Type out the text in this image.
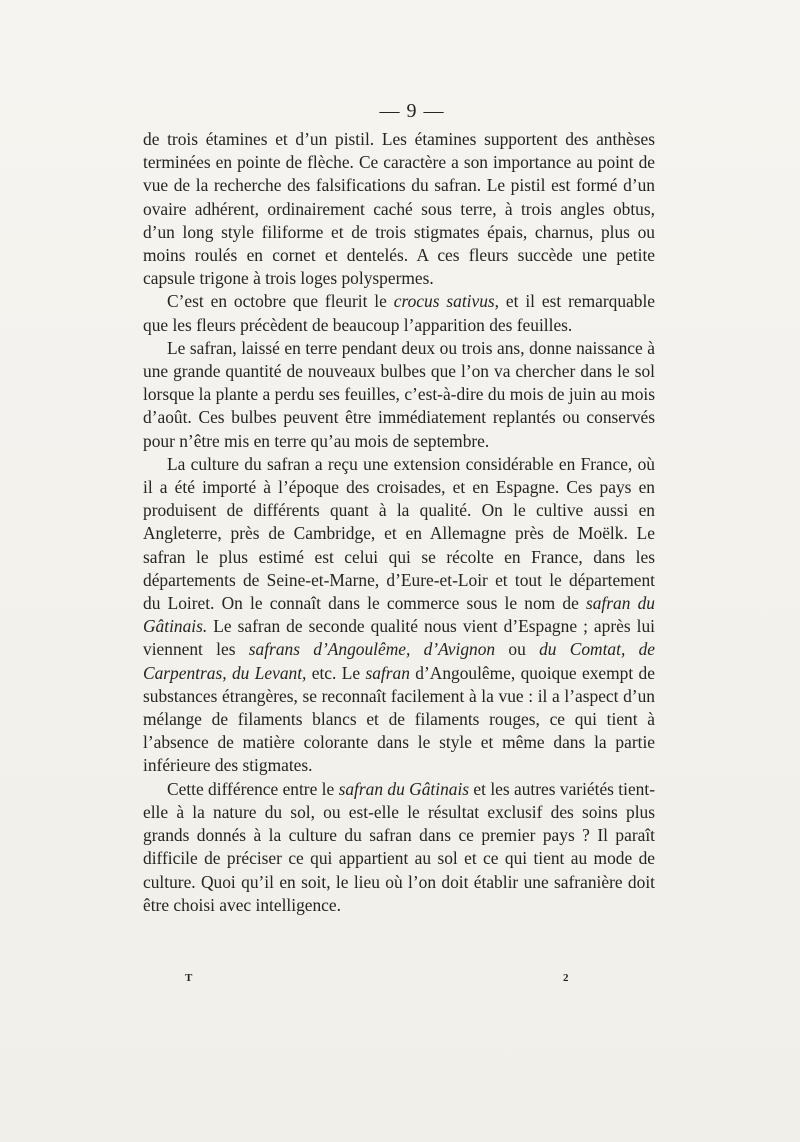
— 9 —

de trois étamines et d’un pistil. Les étamines supportent des anthèses terminées en pointe de flèche. Ce caractère a son importance au point de vue de la recherche des falsifications du safran. Le pistil est formé d’un ovaire adhérent, ordinairement caché sous terre, à trois angles obtus, d’un long style filiforme et de trois stigmates épais, charnus, plus ou moins roulés en cornet et dentelés. A ces fleurs succède une petite capsule trigone à trois loges polyspermes.

C’est en octobre que fleurit le crocus sativus, et il est remarquable que les fleurs précèdent de beaucoup l’apparition des feuilles.

Le safran, laissé en terre pendant deux ou trois ans, donne naissance à une grande quantité de nouveaux bulbes que l’on va chercher dans le sol lorsque la plante a perdu ses feuilles, c’est-à-dire du mois de juin au mois d’août. Ces bulbes peuvent être immédiatement replantés ou conservés pour n’être mis en terre qu’au mois de septembre.

La culture du safran a reçu une extension considérable en France, où il a été importé à l’époque des croisades, et en Espagne. Ces pays en produisent de différents quant à la qualité. On le cultive aussi en Angleterre, près de Cambridge, et en Allemagne près de Moëlk. Le safran le plus estimé est celui qui se récolte en France, dans les départements de Seine-et-Marne, d’Eure-et-Loir et tout le département du Loiret. On le connaît dans le commerce sous le nom de safran du Gâtinais. Le safran de seconde qualité nous vient d’Espagne ; après lui viennent les safrans d’Angoulême, d’Avignon ou du Comtat, de Carpentras, du Levant, etc. Le safran d’Angoulême, quoique exempt de substances étrangères, se reconnaît facilement à la vue : il a l’aspect d’un mélange de filaments blancs et de filaments rouges, ce qui tient à l’absence de matière colorante dans le style et même dans la partie inférieure des stigmates.

Cette différence entre le safran du Gâtinais et les autres variétés tient-elle à la nature du sol, ou est-elle le résultat exclusif des soins plus grands donnés à la culture du safran dans ce premier pays ? Il paraît difficile de préciser ce qui appartient au sol et ce qui tient au mode de culture. Quoi qu’il en soit, le lieu où l’on doit établir une safranière doit être choisi avec intelligence.

T	2
